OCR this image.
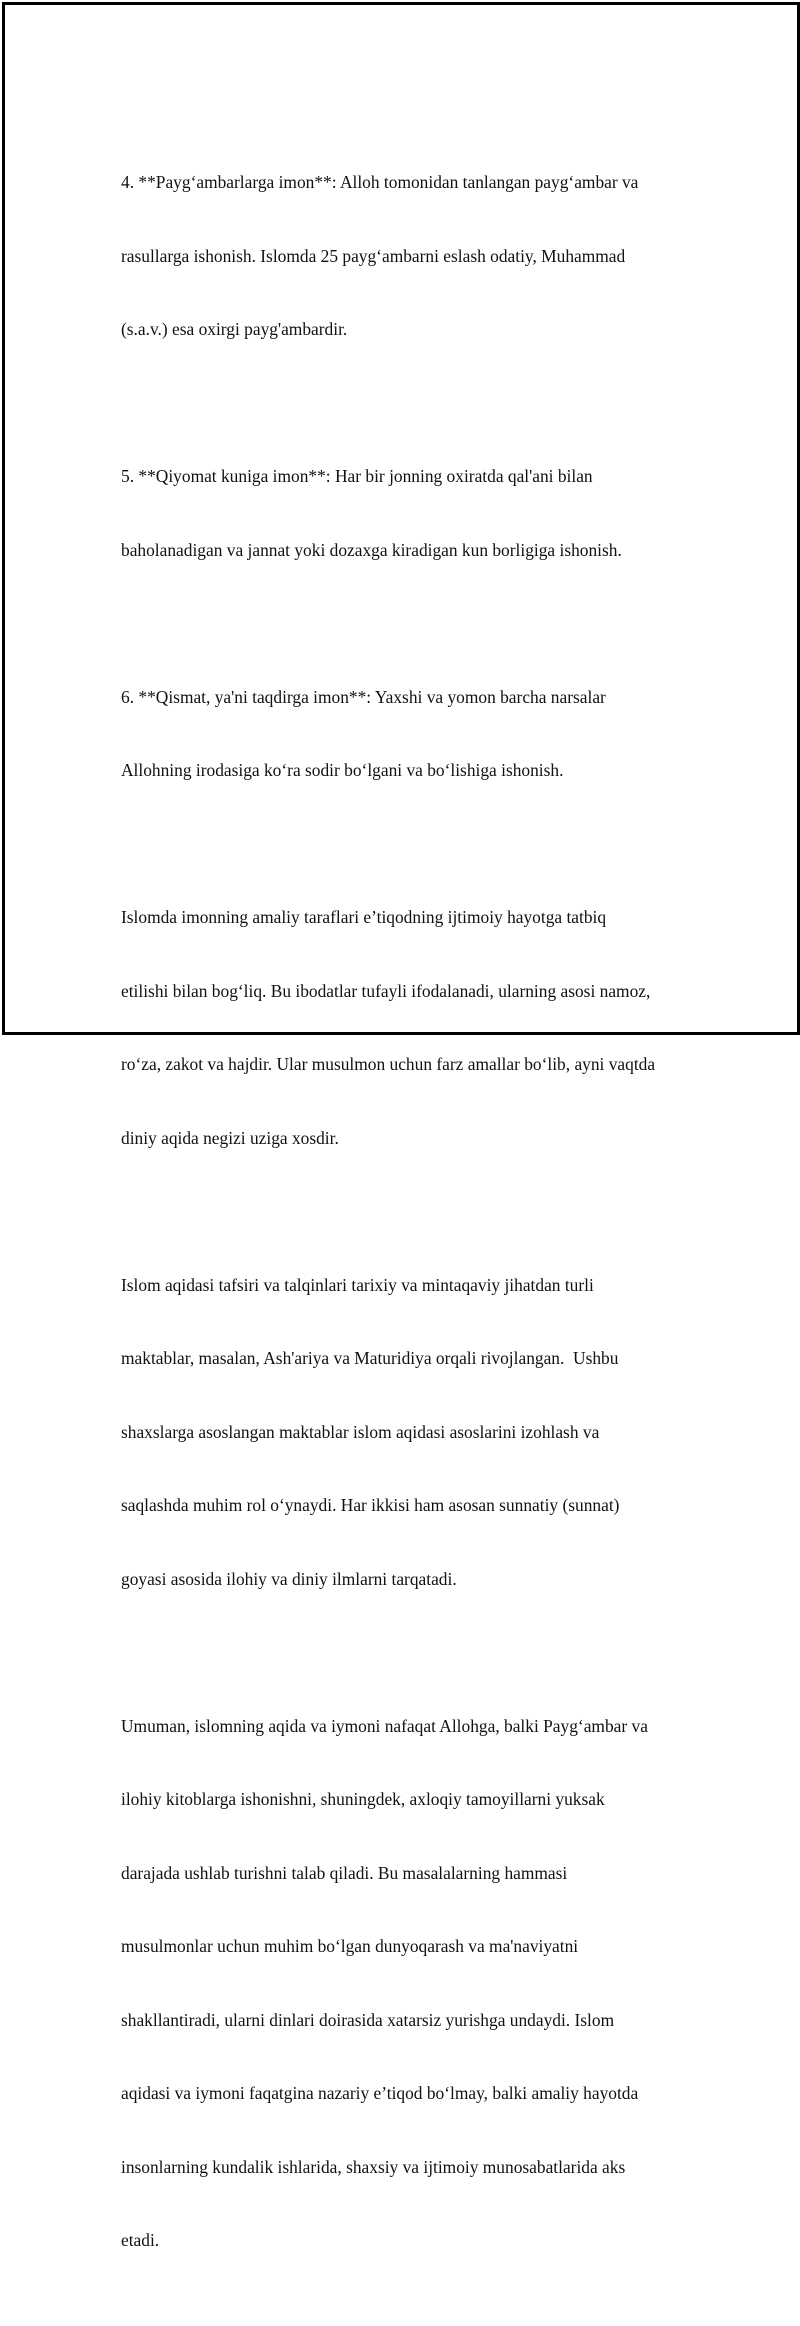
4. **Payg‘ambarlarga imon**: Alloh tomonidan tanlangan payg‘ambar va

rasullarga ishonish. Islomda 25 payg‘ambarni eslash odatiy, Muhammad

(s.a.v.) esa oxirgi payg'ambardir.

5. **Qiyomat kuniga imon**: Har bir jonning oxiratda qal'ani bilan

baholanadigan va jannat yoki dozaxga kiradigan kun borligiga ishonish.

6. **Qismat, ya'ni taqdirga imon**: Yaxshi va yomon barcha narsalar

Allohning irodasiga ko‘ra sodir bo‘lgani va bo‘lishiga ishonish.

Islomda imonning amaliy taraflari e’tiqodning ijtimoiy hayotga tatbiq

etilishi bilan bog‘liq. Bu ibodatlar tufayli ifodalanadi, ularning asosi namoz,

ro‘za, zakot va hajdir. Ular musulmon uchun farz amallar bo‘lib, ayni vaqtda

diniy aqida negizi uziga xosdir.

Islom aqidasi tafsiri va talqinlari tarixiy va mintaqaviy jihatdan turli

maktablar, masalan, Ash'ariya va Maturidiya orqali rivojlangan.  Ushbu

shaxslarga asoslangan maktablar islom aqidasi asoslarini izohlash va

saqlashda muhim rol o‘ynaydi. Har ikkisi ham asosan sunnatiy (sunnat)

goyasi asosida ilohiy va diniy ilmlarni tarqatadi.

Umuman, islomning aqida va iymoni nafaqat Allohga, balki Payg‘ambar va

ilohiy kitoblarga ishonishni, shuningdek, axloqiy tamoyillarni yuksak

darajada ushlab turishni talab qiladi. Bu masalalarning hammasi

musulmonlar uchun muhim bo‘lgan dunyoqarash va ma'naviyatni

shakllantiradi, ularni dinlari doirasida xatarsiz yurishga undaydi. Islom

aqidasi va iymoni faqatgina nazariy e’tiqod bo‘lmay, balki amaliy hayotda

insonlarning kundalik ishlarida, shaxsiy va ijtimoiy munosabatlarida aks

etadi.
